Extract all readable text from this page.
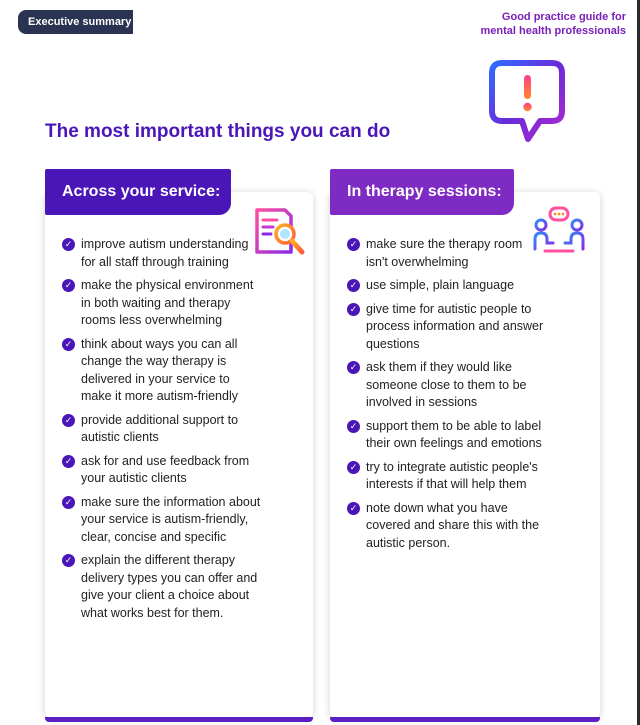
Executive summary	Good practice guide for
mental health professionals
The most important things you can do
Across your service:
✓ improve autism understanding for all staff through training
✓ make the physical environment in both waiting and therapy rooms less overwhelming
✓ think about ways you can all change the way therapy is delivered in your service to make it more autism-friendly
✓ provide additional support to autistic clients
✓ ask for and use feedback from your autistic clients
✓ make sure the information about your service is autism-friendly, clear, concise and specific
✓ explain the different therapy delivery types you can offer and give your client a choice about what works best for them.
In therapy sessions:
✓ make sure the therapy room isn't overwhelming
✓ use simple, plain language
✓ give time for autistic people to process information and answer questions
✓ ask them if they would like someone close to them to be involved in sessions
✓ support them to be able to label their own feelings and emotions
✓ try to integrate autistic people's interests if that will help them
✓ note down what you have covered and share this with the autistic person.
